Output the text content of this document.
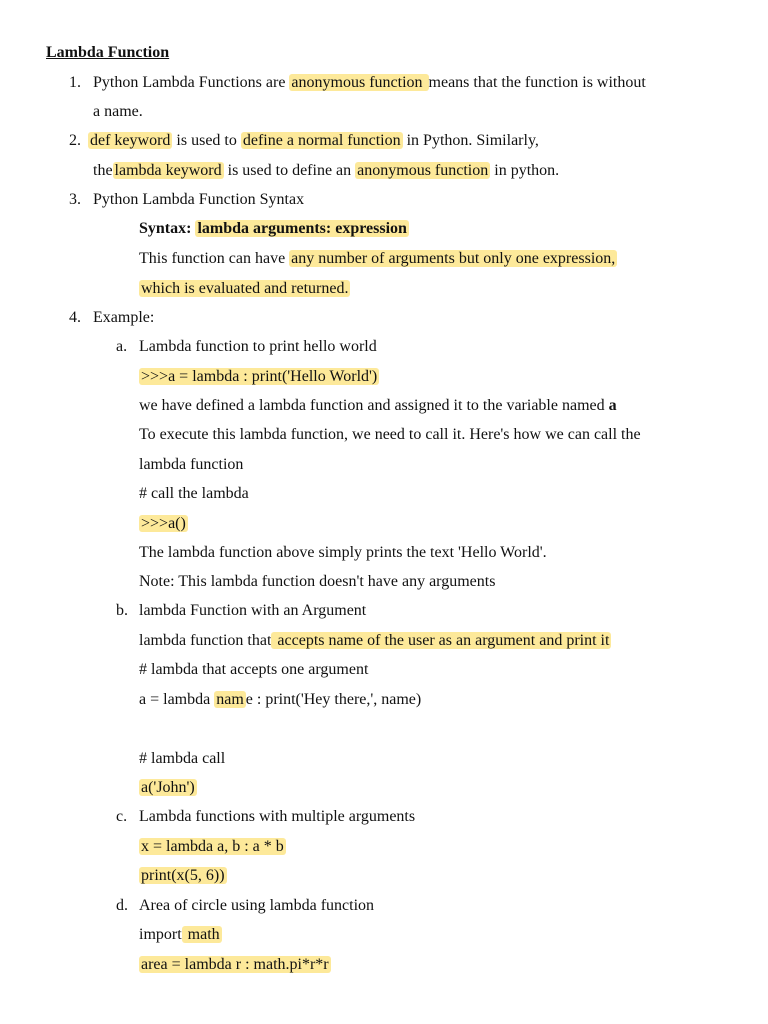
Lambda Function
1. Python Lambda Functions are anonymous function means that the function is without
a name.
2. def keyword is used to define a normal function in Python. Similarly,
the lambda keyword is used to define an anonymous function in python.
3. Python Lambda Function Syntax
Syntax: lambda arguments: expression
This function can have any number of arguments but only one expression,
which is evaluated and returned.
4. Example:
a. Lambda function to print hello world
>>>a = lambda : print('Hello World')
we have defined a lambda function and assigned it to the variable named a
To execute this lambda function, we need to call it. Here's how we can call the
lambda function
# call the lambda
>>>a()
The lambda function above simply prints the text 'Hello World'.
Note: This lambda function doesn't have any arguments
b. lambda Function with an Argument
lambda function that accepts name of the user as an argument and print it
# lambda that accepts one argument
a = lambda nam e : print('Hey there,', name)
# lambda call
a('John')
c. Lambda functions with multiple arguments
x = lambda a, b : a * b
print(x(5, 6))
d. Area of circle using lambda function
import math
area = lambda r : math.pi*r*r
